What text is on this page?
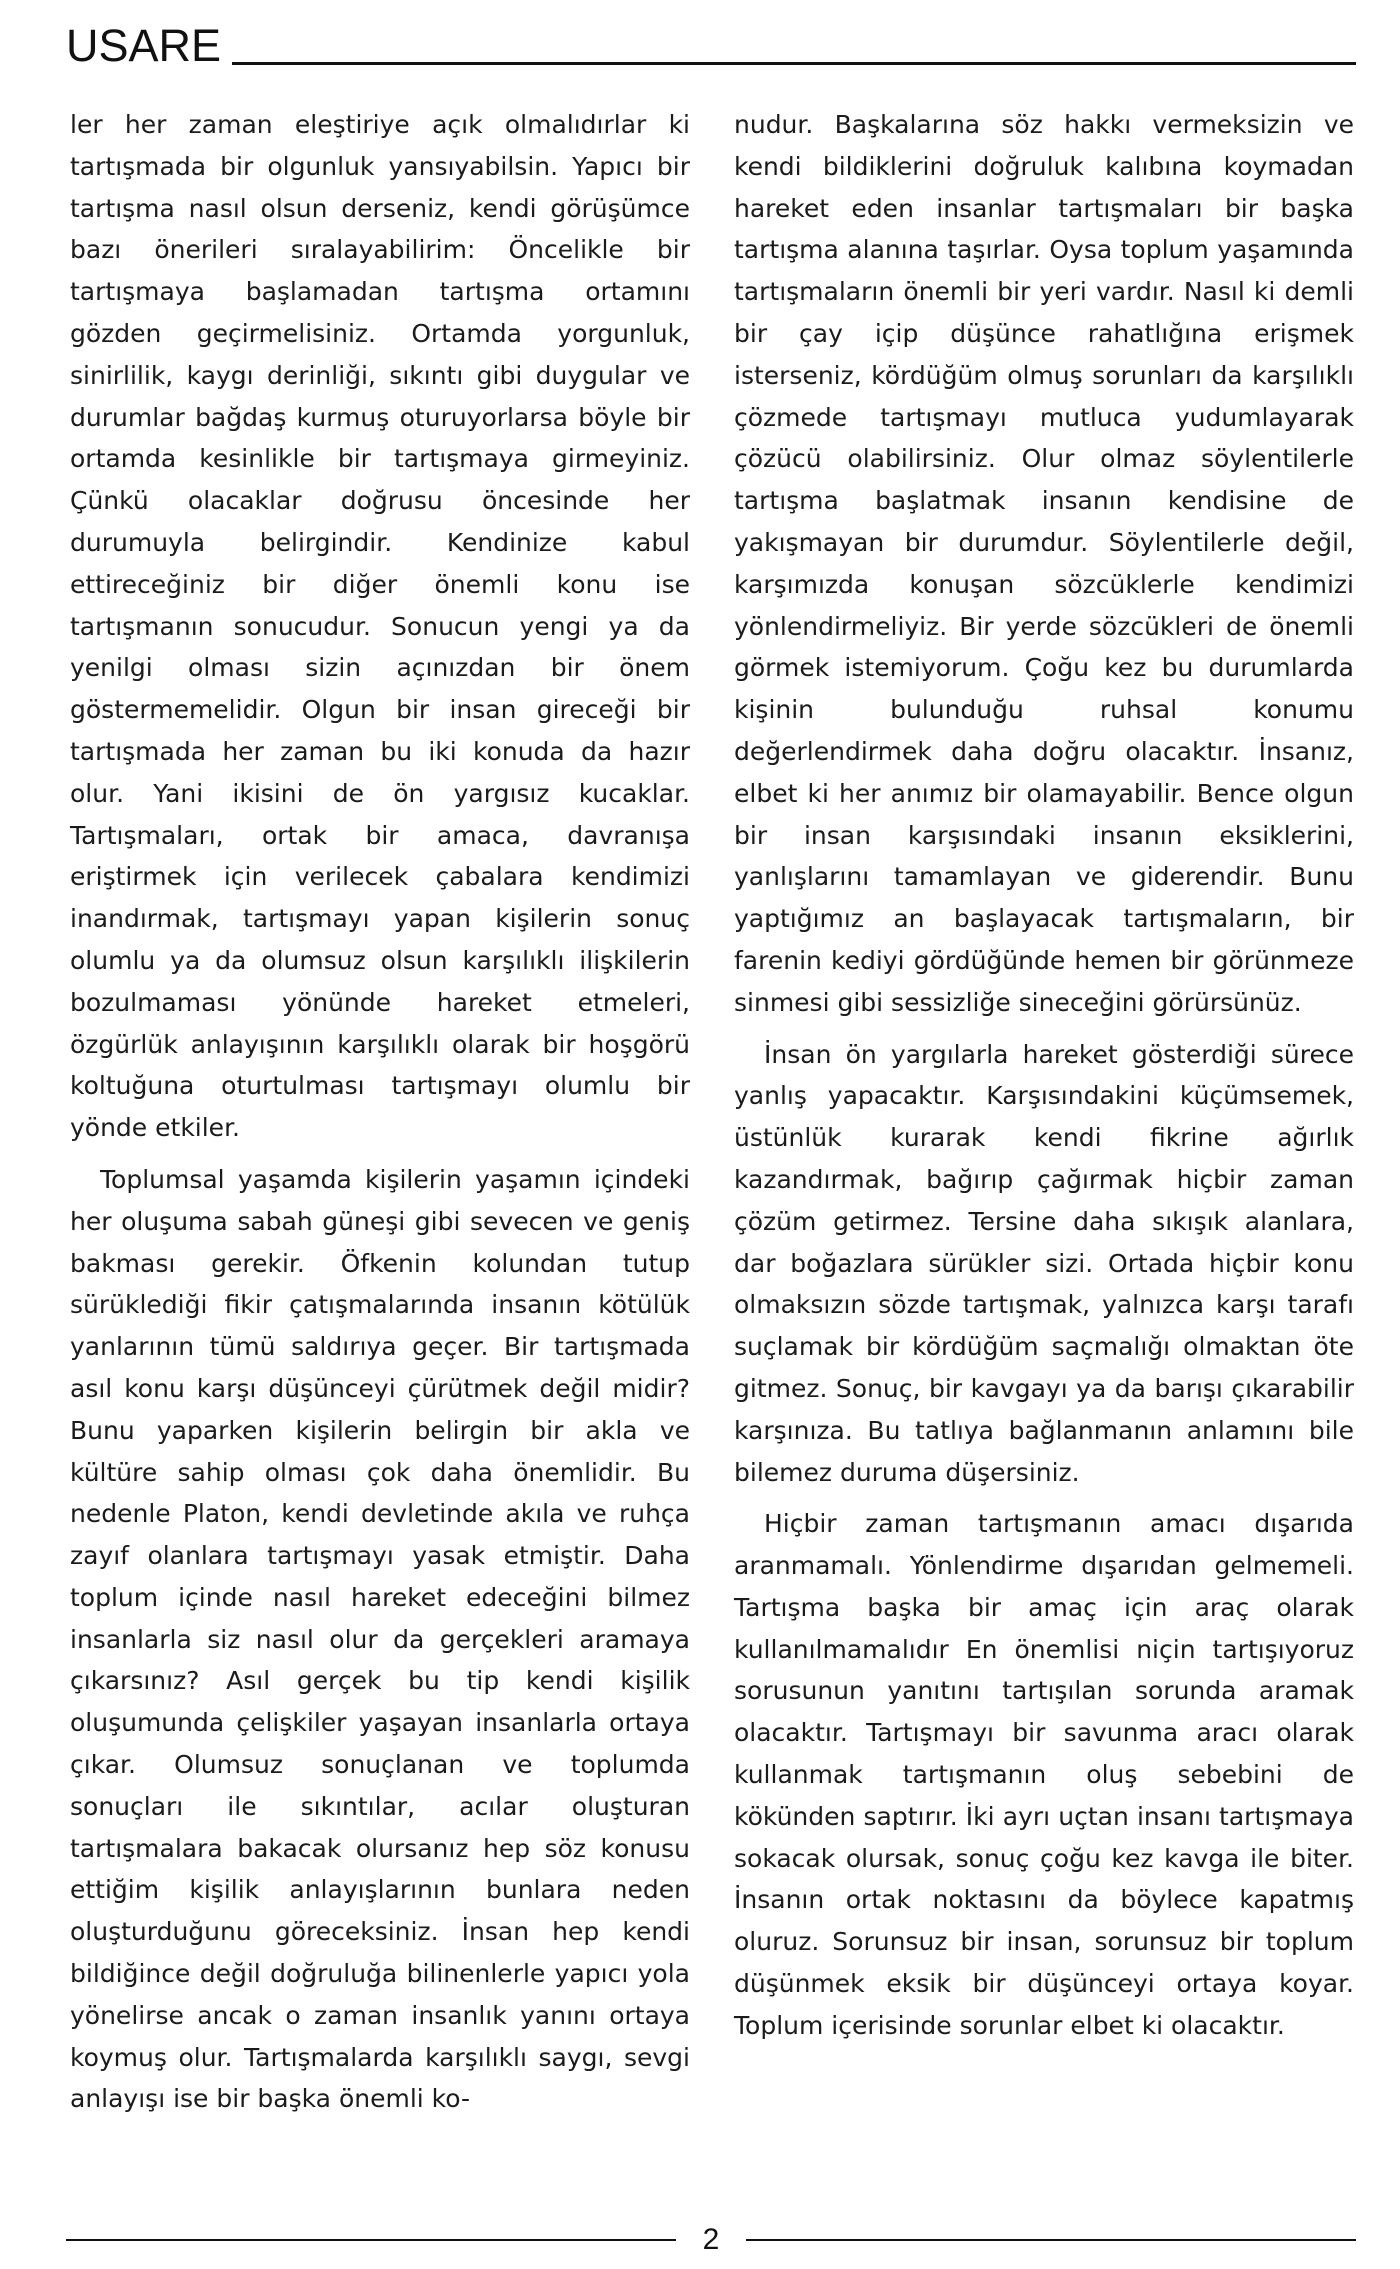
USARE

ler her zaman eleştiriye açık olmalıdırlar ki tartışmada bir olgunluk yansıyabilsin. Yapıcı bir tartışma nasıl olsun derseniz, kendi görüşümce bazı önerileri sıralayabilirim: Öncelikle bir tartışmaya başlamadan tartışma ortamını gözden geçirmelisiniz. Ortamda yorgunluk, sinirlilik, kaygı derinliği, sıkıntı gibi duygular ve durumlar bağdaş kurmuş oturuyorlarsa böyle bir ortamda kesinlikle bir tartışmaya girmeyiniz. Çünkü olacaklar doğrusu öncesinde her durumuyla belirgindir. Kendinize kabul ettireceğiniz bir diğer önemli konu ise tartışmanın sonucudur. Sonucun yengi ya da yenilgi olması sizin açınızdan bir önem göstermemelidir. Olgun bir insan gireceği bir tartışmada her zaman bu iki konuda da hazır olur. Yani ikisini de ön yargısız kucaklar. Tartışmaları, ortak bir amaca, davranışa eriştirmek için verilecek çabalara kendimizi inandırmak, tartışmayı yapan kişilerin sonuç olumlu ya da olumsuz olsun karşılıklı ilişkilerin bozulmaması yönünde hareket etmeleri, özgürlük anlayışının karşılıklı olarak bir hoşgörü koltuğuna oturtulması tartışmayı olumlu bir yönde etkiler.

Toplumsal yaşamda kişilerin yaşamın içindeki her oluşuma sabah güneşi gibi sevecen ve geniş bakması gerekir. Öfkenin kolundan tutup sürüklediği fikir çatışmalarında insanın kötülük yanlarının tümü saldırıya geçer. Bir tartışmada asıl konu karşı düşünceyi çürütmek değil midir? Bunu yaparken kişilerin belirgin bir akla ve kültüre sahip olması çok daha önemlidir. Bu nedenle Platon, kendi devletinde akıla ve ruhça zayıf olanlara tartışmayı yasak etmiştir. Daha toplum içinde nasıl hareket edeceğini bilmez insanlarla siz nasıl olur da gerçekleri aramaya çıkarsınız? Asıl gerçek bu tip kendi kişilik oluşumunda çelişkiler yaşayan insanlarla ortaya çıkar. Olumsuz sonuçlanan ve toplumda sonuçları ile sıkıntılar, acılar oluşturan tartışmalara bakacak olursanız hep söz konusu ettiğim kişilik anlayışlarının bunlara neden oluşturduğunu göreceksiniz. İnsan hep kendi bildiğince değil doğruluğa bilinenlerle yapıcı yola yönelirse ancak o zaman insanlık yanını ortaya koymuş olur. Tartışmalarda karşılıklı saygı, sevgi anlayışı ise bir başka önemli ko-

nudur. Başkalarına söz hakkı vermeksizin ve kendi bildiklerini doğruluk kalıbına koymadan hareket eden insanlar tartışmaları bir başka tartışma alanına taşırlar. Oysa toplum yaşamında tartışmaların önemli bir yeri vardır. Nasıl ki demli bir çay içip düşünce rahatlığına erişmek isterseniz, kördüğüm olmuş sorunları da karşılıklı çözmede tartışmayı mutluca yudumlayarak çözücü olabilirsiniz. Olur olmaz söylentilerle tartışma başlatmak insanın kendisine de yakışmayan bir durumdur. Söylentilerle değil, karşımızda konuşan sözcüklerle kendimizi yönlendirmeliyiz. Bir yerde sözcükleri de önemli görmek istemiyorum. Çoğu kez bu durumlarda kişinin bulunduğu ruhsal konumu değerlendirmek daha doğru olacaktır. İnsanız, elbet ki her anımız bir olamayabilir. Bence olgun bir insan karşısındaki insanın eksiklerini, yanlışlarını tamamlayan ve giderendir. Bunu yaptığımız an başlayacak tartışmaların, bir farenin kediyi gördüğünde hemen bir görünmeze sinmesi gibi sessizliğe sineceğini görürsünüz.

İnsan ön yargılarla hareket gösterdiği sürece yanlış yapacaktır. Karşısındakini küçümsemek, üstünlük kurarak kendi fikrine ağırlık kazandırmak, bağırıp çağırmak hiçbir zaman çözüm getirmez. Tersine daha sıkışık alanlara, dar boğazlara sürükler sizi. Ortada hiçbir konu olmaksızın sözde tartışmak, yalnızca karşı tarafı suçlamak bir kördüğüm saçmalığı olmaktan öte gitmez. Sonuç, bir kavgayı ya da barışı çıkarabilir karşınıza. Bu tatlıya bağlanmanın anlamını bile bilemez duruma düşersiniz.

Hiçbir zaman tartışmanın amacı dışarıda aranmamalı. Yönlendirme dışarıdan gelmemeli. Tartışma başka bir amaç için araç olarak kullanılmamalıdır En önemlisi niçin tartışıyoruz sorusunun yanıtını tartışılan sorunda aramak olacaktır. Tartışmayı bir savunma aracı olarak kullanmak tartışmanın oluş sebebini de kökünden saptırır. İki ayrı uçtan insanı tartışmaya sokacak olursak, sonuç çoğu kez kavga ile biter. İnsanın ortak noktasını da böylece kapatmış oluruz. Sorunsuz bir insan, sorunsuz bir toplum düşünmek eksik bir düşünceyi ortaya koyar. Toplum içerisinde sorunlar elbet ki olacaktır.

2
